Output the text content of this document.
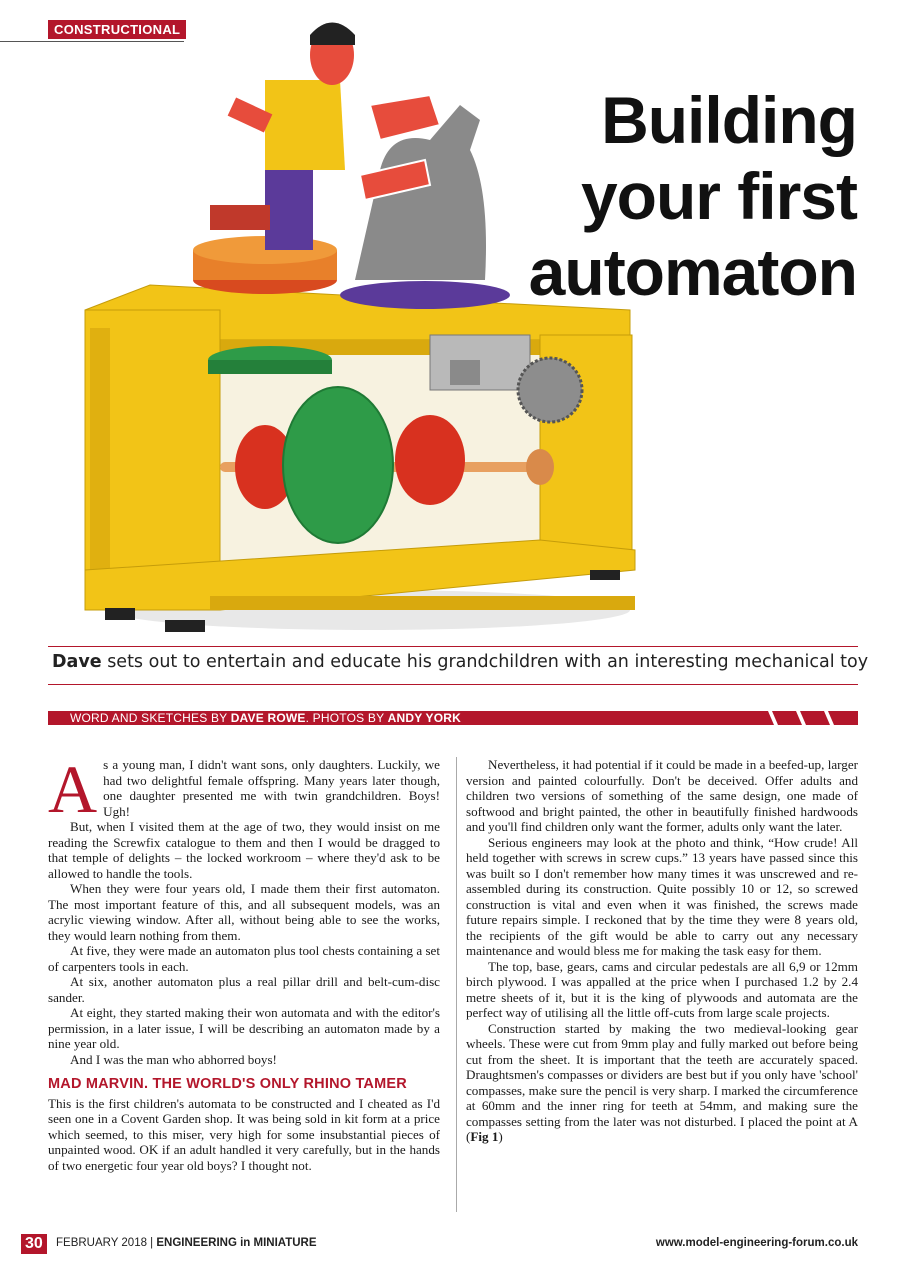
CONSTRUCTIONAL
Building
your first
automaton
Dave sets out to entertain and educate his grandchildren with an interesting mechanical toy
WORD AND SKETCHES BY DAVE ROWE. PHOTOS BY ANDY YORK

As a young man, I didn't want sons, only daughters. Luckily, we had two delightful female offspring. Many years later though, one daughter presented me with twin grandchildren. Boys! Ugh!

But, when I visited them at the age of two, they would insist on me reading the Screwfix catalogue to them and then I would be dragged to that temple of delights – the locked workroom – where they'd ask to be allowed to handle the tools.

When they were four years old, I made them their first automaton. The most important feature of this, and all subsequent models, was an acrylic viewing window. After all, without being able to see the works, they would learn nothing from them.

At five, they were made an automaton plus tool chests containing a set of carpenters tools in each.

At six, another automaton plus a real pillar drill and belt-cum-disc sander.

At eight, they started making their won automata and with the editor's permission, in a later issue, I will be describing an automaton made by a nine year old.

And I was the man who abhorred boys!

MAD MARVIN. THE WORLD'S ONLY RHINO TAMER

This is the first children's automata to be constructed and I cheated as I'd seen one in a Covent Garden shop. It was being sold in kit form at a price which seemed, to this miser, very high for some insubstantial pieces of unpainted wood. OK if an adult handled it very carefully, but in the hands of two energetic four year old boys? I thought not.

Nevertheless, it had potential if it could be made in a beefed-up, larger version and painted colourfully. Don't be deceived. Offer adults and children two versions of something of the same design, one made of softwood and bright painted, the other in beautifully finished hardwoods and you'll find children only want the former, adults only want the later.

Serious engineers may look at the photo and think, “How crude! All held together with screws in screw cups.” 13 years have passed since this was built so I don't remember how many times it was unscrewed and re-assembled during its construction. Quite possibly 10 or 12, so screwed construction is vital and even when it was finished, the screws made future repairs simple. I reckoned that by the time they were 8 years old, the recipients of the gift would be able to carry out any necessary maintenance and would bless me for making the task easy for them.

The top, base, gears, cams and circular pedestals are all 6,9 or 12mm birch plywood. I was appalled at the price when I purchased 1.2 by 2.4 metre sheets of it, but it is the king of plywoods and automata are the perfect way of utilising all the little off-cuts from large scale projects.

Construction started by making the two medieval-looking gear wheels. These were cut from 9mm play and fully marked out before being cut from the sheet. It is important that the teeth are accurately spaced. Draughtsmen's compasses or dividers are best but if you only have 'school' compasses, make sure the pencil is very sharp. I marked the circumference at 60mm and the inner ring for teeth at 54mm, and making sure the compasses setting from the later was not disturbed. I placed the point at A (Fig 1)

30	FEBRUARY 2018 | ENGINEERING in MINIATURE	www.model-engineering-forum.co.uk
